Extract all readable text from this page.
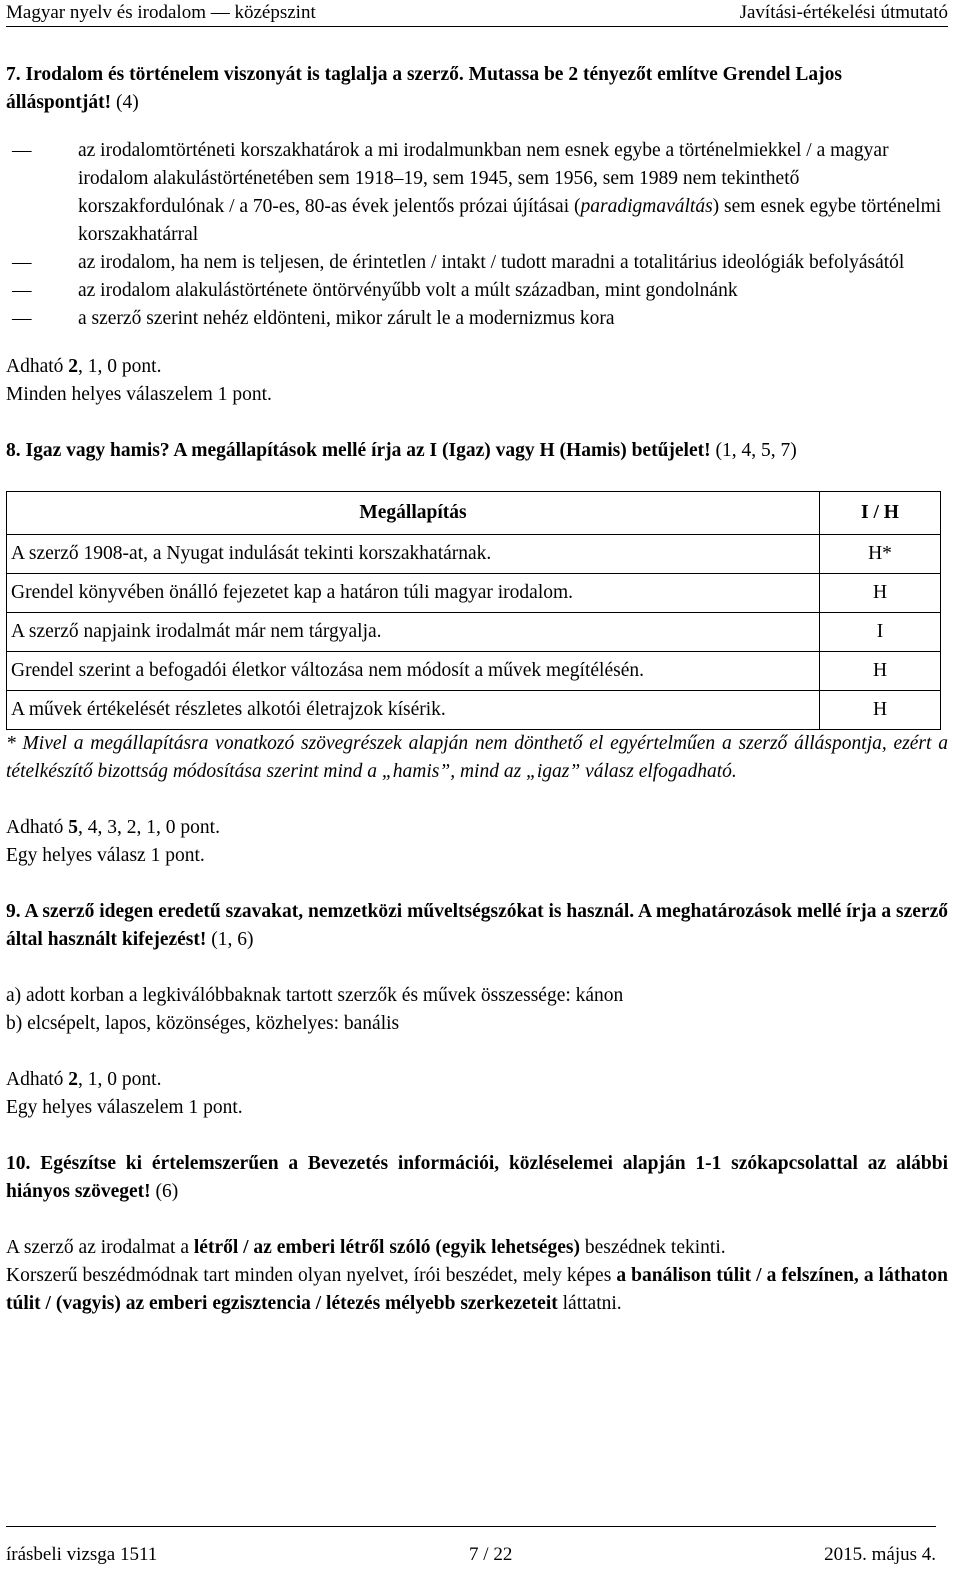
Magyar nyelv és irodalom — középszint	Javítási-értékelési útmutató

7. Irodalom és történelem viszonyát is taglalja a szerző. Mutassa be 2 tényezőt említve Grendel Lajos álláspontját! (4)

— az irodalomtörténeti korszakhatárok a mi irodalmunkban nem esnek egybe a történelmiekkel / a magyar irodalom alakulástörténetében sem 1918–19, sem 1945, sem 1956, sem 1989 nem tekinthető korszakfordulónak / a 70-es, 80-as évek jelentős prózai újításai (paradigmaváltás) sem esnek egybe történelmi korszakhatárral
— az irodalom, ha nem is teljesen, de érintetlen / intakt / tudott maradni a totalitárius ideológiák befolyásától
— az irodalom alakulástörténete öntörvényűbb volt a múlt században, mint gondolnánk
— a szerző szerint nehéz eldönteni, mikor zárult le a modernizmus kora

Adható 2, 1, 0 pont.

Minden helyes válaszelem 1 pont.

8. Igaz vagy hamis? A megállapítások mellé írja az I (Igaz) vagy H (Hamis) betűjelet! (1, 4, 5, 7)

Megállapítás	I / H
A szerző 1908-at, a Nyugat indulását tekinti korszakhatárnak.	H*
Grendel könyvében önálló fejezetet kap a határon túli magyar irodalom.	H
A szerző napjaink irodalmát már nem tárgyalja.	I
Grendel szerint a befogadói életkor változása nem módosít a művek megítélésén.	H
A művek értékelését részletes alkotói életrajzok kísérik.	H

* Mivel a megállapításra vonatkozó szövegrészek alapján nem dönthető el egyértelműen a szerző álláspontja, ezért a tételkészítő bizottság módosítása szerint mind a „hamis”, mind az „igaz” válasz elfogadható.

Adható 5, 4, 3, 2, 1, 0 pont.

Egy helyes válasz 1 pont.

9. A szerző idegen eredetű szavakat, nemzetközi műveltségszókat is használ. A meghatározások mellé írja a szerző által használt kifejezést! (1, 6)

a) adott korban a legkiválóbbaknak tartott szerzők és művek összessége: kánon

b) elcsépelt, lapos, közönséges, közhelyes: banális

Adható 2, 1, 0 pont.

Egy helyes válaszelem 1 pont.

10. Egészítse ki értelemszerűen a Bevezetés információi, közléselemei alapján 1-1 szókapcsolattal az alábbi hiányos szöveget! (6)

A szerző az irodalmat a létről / az emberi létről szóló (egyik lehetséges) beszédnek tekinti.

Korszerű beszédmódnak tart minden olyan nyelvet, írói beszédet, mely képes a banálison túlit / a felszínen, a láthaton túlit / (vagyis) az emberi egzisztencia / létezés mélyebb szerkezeteit láttatni.

írásbeli vizsga 1511	7 / 22	2015. május 4.
